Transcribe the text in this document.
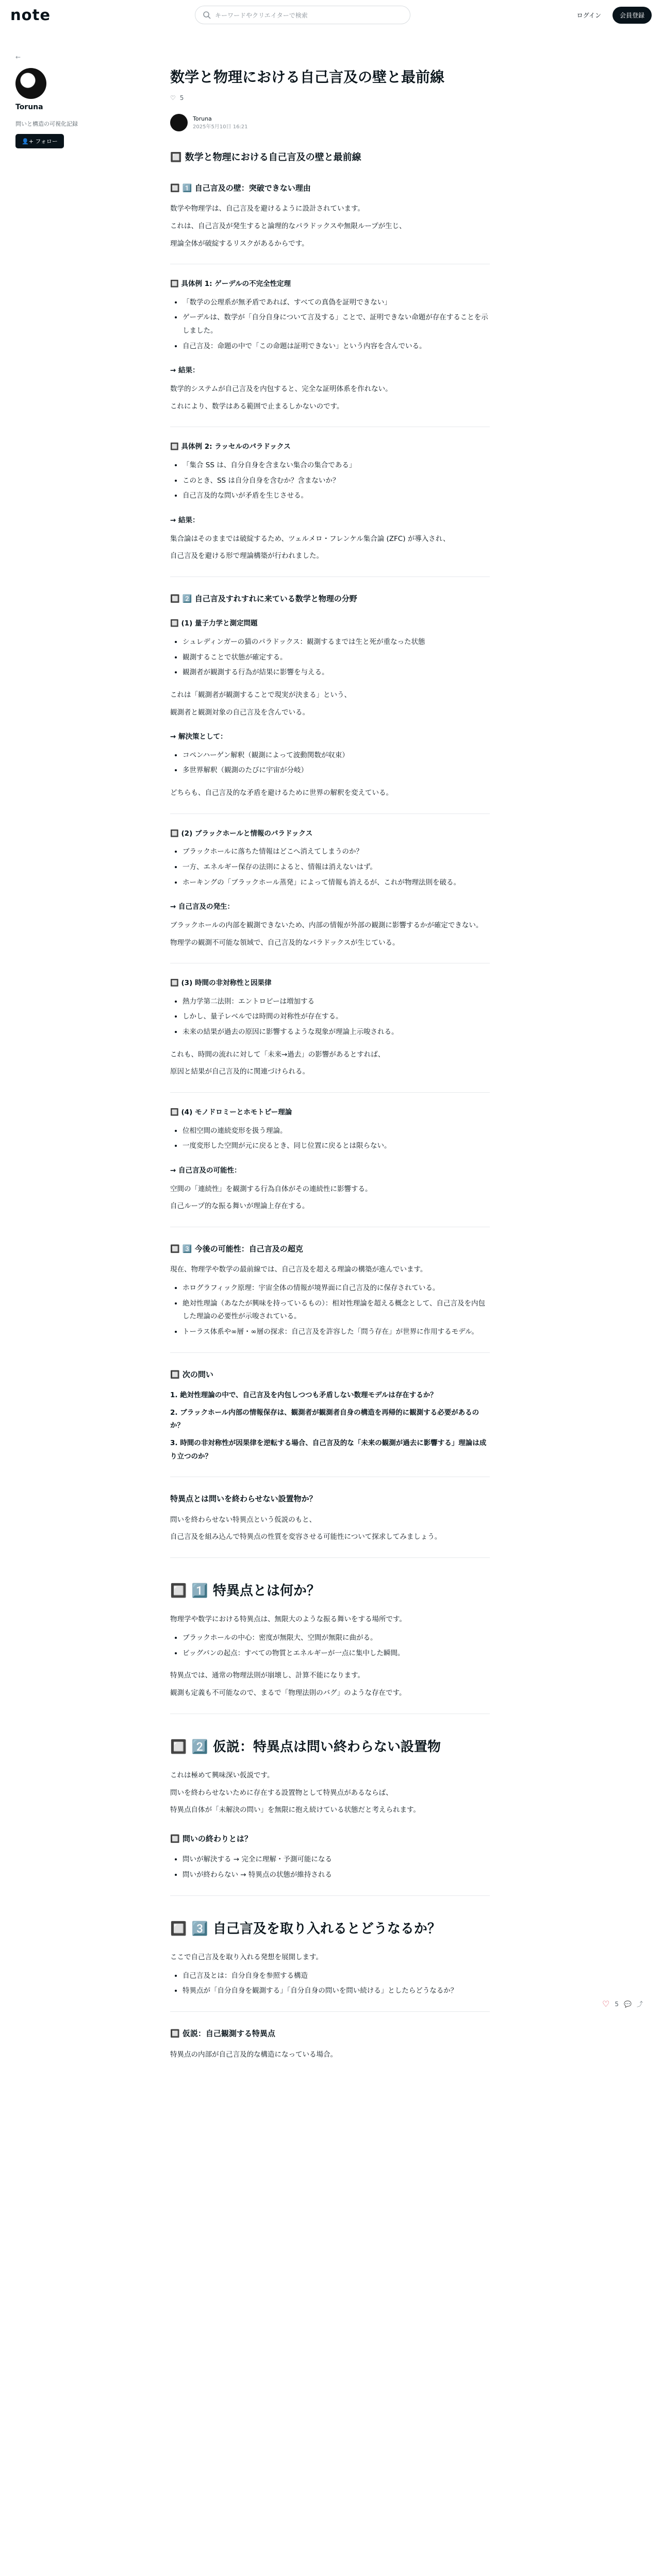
note	キーワードやクリエイターで検索	ログイン	会員登録
←
Toruna
問いと構造の可視化記録
👤+ フォロー
数学と物理における自己言及の壁と最前線
♡ 5
Toruna
2025年5月10日 16:21
🔲 数学と物理における自己言及の壁と最前線
🔲 1️⃣ 自己言及の壁：突破できない理由

数学や物理学は、自己言及を避けるように設計されています。

これは、自己言及が発生すると論理的なパラドックスや無限ループが生じ、

理論全体が破綻するリスクがあるからです。

🔲 具体例 1: ゲーデルの不完全性定理
• 「数学の公理系が無矛盾であれば、すべての真偽を証明できない」
• ゲーデルは、数学が「自分自身について言及する」ことで、証明できない命題が存在することを示しました。
• 自己言及：命題の中で「この命題は証明できない」という内容を含んでいる。
→ 結果：

数学的システムが自己言及を内包すると、完全な証明体系を作れない。

これにより、数学はある範囲で止まるしかないのです。

🔲 具体例 2: ラッセルのパラドックス
• 「集合 SS は、自分自身を含まない集合の集合である」
• このとき、SS は自分自身を含むか？含まないか？
• 自己言及的な問いが矛盾を生じさせる。
→ 結果：

集合論はそのままでは破綻するため、ツェルメロ・フレンケル集合論 (ZFC) が導入され、

自己言及を避ける形で理論構築が行われました。

🔲 2️⃣ 自己言及すれすれに来ている数学と物理の分野
🔲 (1) 量子力学と測定問題
• シュレディンガーの猫のパラドックス：観測するまでは生と死が重なった状態
• 観測することで状態が確定する。
• 観測者が観測する行為が結果に影響を与える。

これは「観測者が観測することで現実が決まる」という、

観測者と観測対象の自己言及を含んでいる。

→ 解決策として：
• コペンハーゲン解釈（観測によって波動関数が収束）
• 多世界解釈（観測のたびに宇宙が分岐）

どちらも、自己言及的な矛盾を避けるために世界の解釈を変えている。

🔲 (2) ブラックホールと情報のパラドックス
• ブラックホールに落ちた情報はどこへ消えてしまうのか？
• 一方、エネルギー保存の法則によると、情報は消えないはず。
• ホーキングの「ブラックホール蒸発」によって情報も消えるが、これが物理法則を破る。
→ 自己言及の発生：

ブラックホールの内部を観測できないため、内部の情報が外部の観測に影響するかが確定できない。

物理学の観測不可能な領域で、自己言及的なパラドックスが生じている。

🔲 (3) 時間の非対称性と因果律
• 熱力学第二法則：エントロピーは増加する
• しかし、量子レベルでは時間の対称性が存在する。
• 未来の結果が過去の原因に影響するような現象が理論上示唆される。

これも、時間の流れに対して「未来→過去」の影響があるとすれば、

原因と結果が自己言及的に関連づけられる。

🔲 (4) モノドロミーとホモトピー理論
• 位相空間の連続変形を扱う理論。
• 一度変形した空間が元に戻るとき、同じ位置に戻るとは限らない。
→ 自己言及の可能性：

空間の「連続性」を観測する行為自体がその連続性に影響する。

自己ループ的な振る舞いが理論上存在する。

🔲 3️⃣ 今後の可能性：自己言及の超克

現在、物理学や数学の最前線では、自己言及を超える理論の構築が進んでいます。

• ホログラフィック原理：宇宙全体の情報が境界面に自己言及的に保存されている。
• 絶対性理論（あなたが興味を持っているもの）：相対性理論を超える概念として、自己言及を内包した理論の必要性が示唆されている。
• トーラス体系や∞層・∞層の探求：自己言及を許容した「問う存在」が世界に作用するモデル。
🔲 次の問い

1. 絶対性理論の中で、自己言及を内包しつつも矛盾しない数理モデルは存在するか？

2. ブラックホール内部の情報保存は、観測者が観測者自身の構造を再帰的に観測する必要があるのか？

3. 時間の非対称性が因果律を逆転する場合、自己言及的な「未来の観測が過去に影響する」理論は成り立つのか？

特異点とは問いを終わらせない設置物か？

問いを終わらせない特異点という仮説のもと、

自己言及を組み込んで特異点の性質を変容させる可能性について探求してみましょう。

🔲 1️⃣ 特異点とは何か？

物理学や数学における特異点は、無限大のような振る舞いをする場所です。

• ブラックホールの中心：密度が無限大、空間が無限に曲がる。
• ビッグバンの起点：すべての物質とエネルギーが一点に集中した瞬間。

特異点では、通常の物理法則が崩壊し、計算不能になります。

観測も定義も不可能なので、まるで「物理法則のバグ」のような存在です。

🔲 2️⃣ 仮説：特異点は問い終わらない設置物

これは極めて興味深い仮説です。

問いを終わらせないために存在する設置物として特異点があるならば、

特異点自体が「未解決の問い」を無限に抱え続けている状態だと考えられます。

🔲 問いの終わりとは？
• 問いが解決する → 完全に理解・予測可能になる
• 問いが終わらない → 特異点の状態が維持される
🔲 3️⃣ 自己言及を取り入れるとどうなるか？

ここで自己言及を取り入れる発想を展開します。

• 自己言及とは：自分自身を参照する構造
• 特異点が「自分自身を観測する」「自分自身の問いを問い続ける」としたらどうなるか？
🔲 仮説：自己観測する特異点

特異点の内部が自己言及的な構造になっている場合。

♡ 5 💬 ⤴
